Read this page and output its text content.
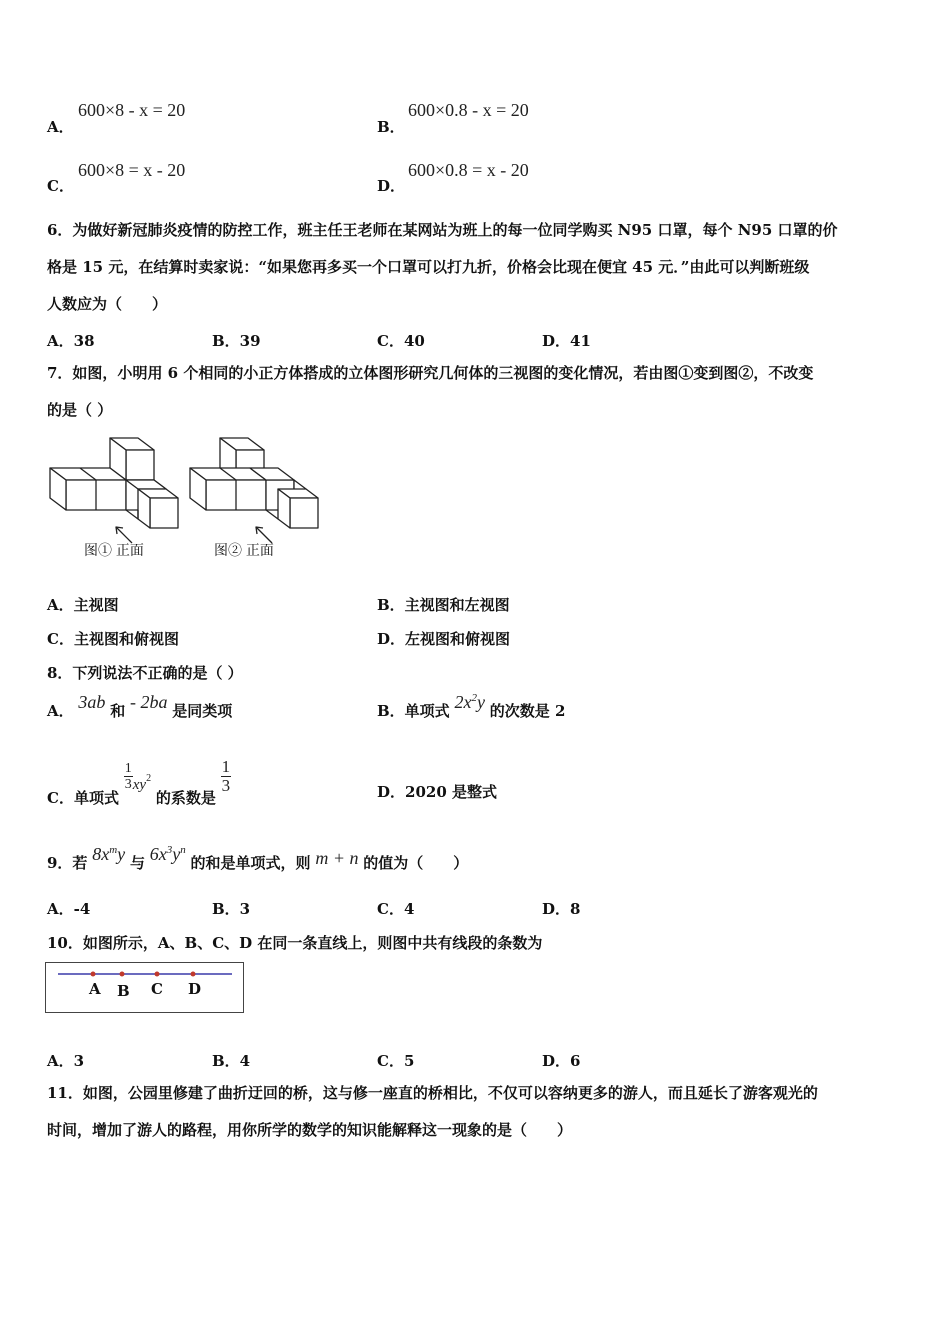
A．
600×8 - x = 20
B．
600×0.8 - x = 20
C．
600×8 = x - 20
D．
600×0.8 = x - 20
6．为做好新冠肺炎疫情的防控工作，班主任王老师在某网站为班上的每一位同学购买 N95 口罩，每个 N95 口罩的价
格是 15 元，在结算时卖家说：“如果您再多买一个口罩可以打九折，价格会比现在便宜 45 元．”由此可以判断班级
人数应为（　　）
A．38	B．39	C．40	D．41
7．如图，小明用 6 个相同的小正方体搭成的立体图形研究几何体的三视图的变化情况，若由图①变到图②，不改变
的是（ ）
图① 正面	图② 正面
A．主视图	B．主视图和左视图
C．主视图和俯视图	D．左视图和俯视图
8．下列说法不正确的是（ ）
A． 3ab 和 - 2ba 是同类项	B．单项式 $2x^2y$ 的次数是 2
C．单项式
$\frac{1}{3} xy^2$ 的系数是
$\frac{1}{3}$	D．2020 是整式
9．若 $8x^my$ 与 $6x^3y^n$ 的和是单项式，则 m + n 的值为（　　）
A．-4	B．3	C．4	D．8
10．如图所示，A、B、C、D 在同一条直线上，则图中共有线段的条数为
A B C D
A．3	B．4	C．5	D．6
11．如图，公园里修建了曲折迂回的桥，这与修一座直的桥相比，不仅可以容纳更多的游人，而且延长了游客观光的
时间，增加了游人的路程，用你所学的数学的知识能解释这一现象的是（　　）
